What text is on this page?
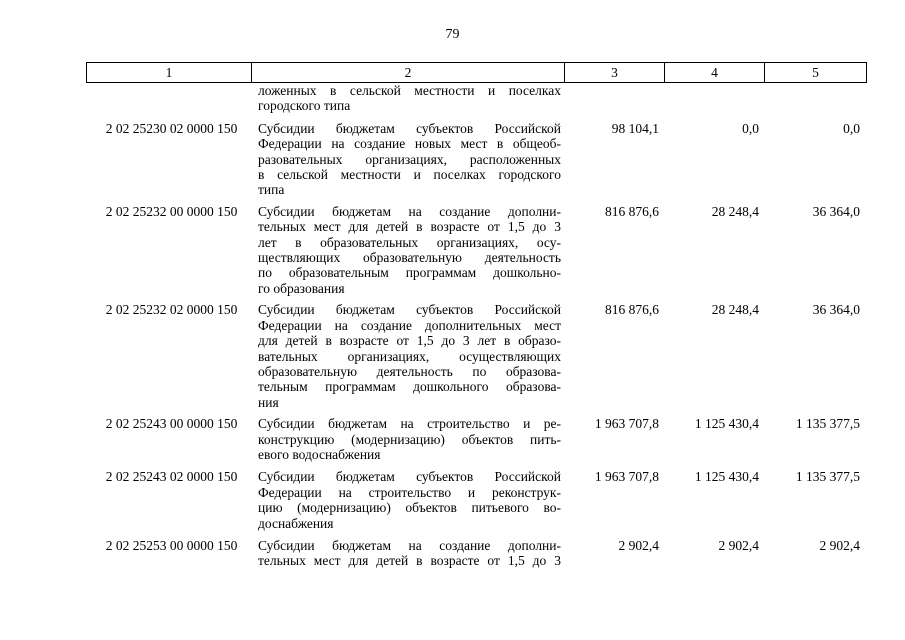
79
1	2	3	4	5
ложенных в сельской местности и поселках
городского типа
2 02 25230 02 0000 150	Субсидии бюджетам субъектов Российской
Федерации на создание новых мест в общеоб-
разовательных организациях, расположенных
в сельской местности и поселках городского
типа
98 104,1	0,0	0,0
2 02 25232 00 0000 150	Субсидии бюджетам на создание дополни-
тельных мест для детей в возрасте от 1,5 до 3
лет в образовательных организациях, осу-
ществляющих образовательную деятельность
по образовательным программам дошкольно-
го образования
816 876,6	28 248,4	36 364,0
2 02 25232 02 0000 150	Субсидии бюджетам субъектов Российской
Федерации на создание дополнительных мест
для детей в возрасте от 1,5 до 3 лет в образо-
вательных организациях, осуществляющих
образовательную деятельность по образова-
тельным программам дошкольного образова-
ния
816 876,6	28 248,4	36 364,0
2 02 25243 00 0000 150	Субсидии бюджетам на строительство и ре-
конструкцию (модернизацию) объектов пить-
евого водоснабжения
1 963 707,8	1 125 430,4	1 135 377,5
2 02 25243 02 0000 150	Субсидии бюджетам субъектов Российской
Федерации на строительство и реконструк-
цию (модернизацию) объектов питьевого во-
доснабжения
1 963 707,8	1 125 430,4	1 135 377,5
2 02 25253 00 0000 150	Субсидии бюджетам на создание дополни-
тельных мест для детей в возрасте от 1,5 до 3
2 902,4	2 902,4	2 902,4
